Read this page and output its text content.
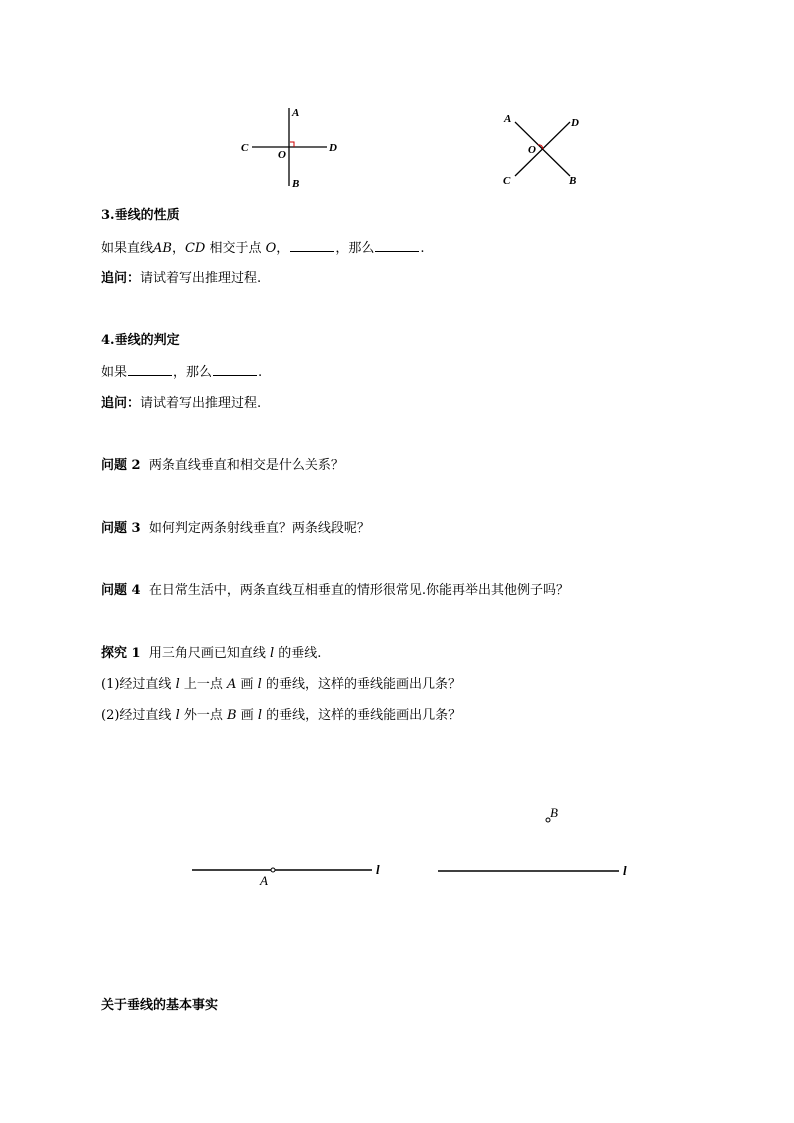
A
B
C	D
O
A	D
O
C	B
3.垂线的性质
如果直线AB，CD 相交于点 O，	，那么	.
追问：请试着写出推理过程.
4.垂线的判定
如果	，那么	.
追问：请试着写出推理过程.
问题 2 两条直线垂直和相交是什么关系？
问题 3 如何判定两条射线垂直？两条线段呢？
问题 4 在日常生活中，两条直线互相垂直的情形很常见.你能再举出其他例子吗？
探究 1 用三角尺画已知直线 l 的垂线.
(1)经过直线 l 上一点 A 画 l 的垂线，这样的垂线能画出几条？
(2)经过直线 l 外一点 B 画 l 的垂线，这样的垂线能画出几条？
A
l
B
l
关于垂线的基本事实
